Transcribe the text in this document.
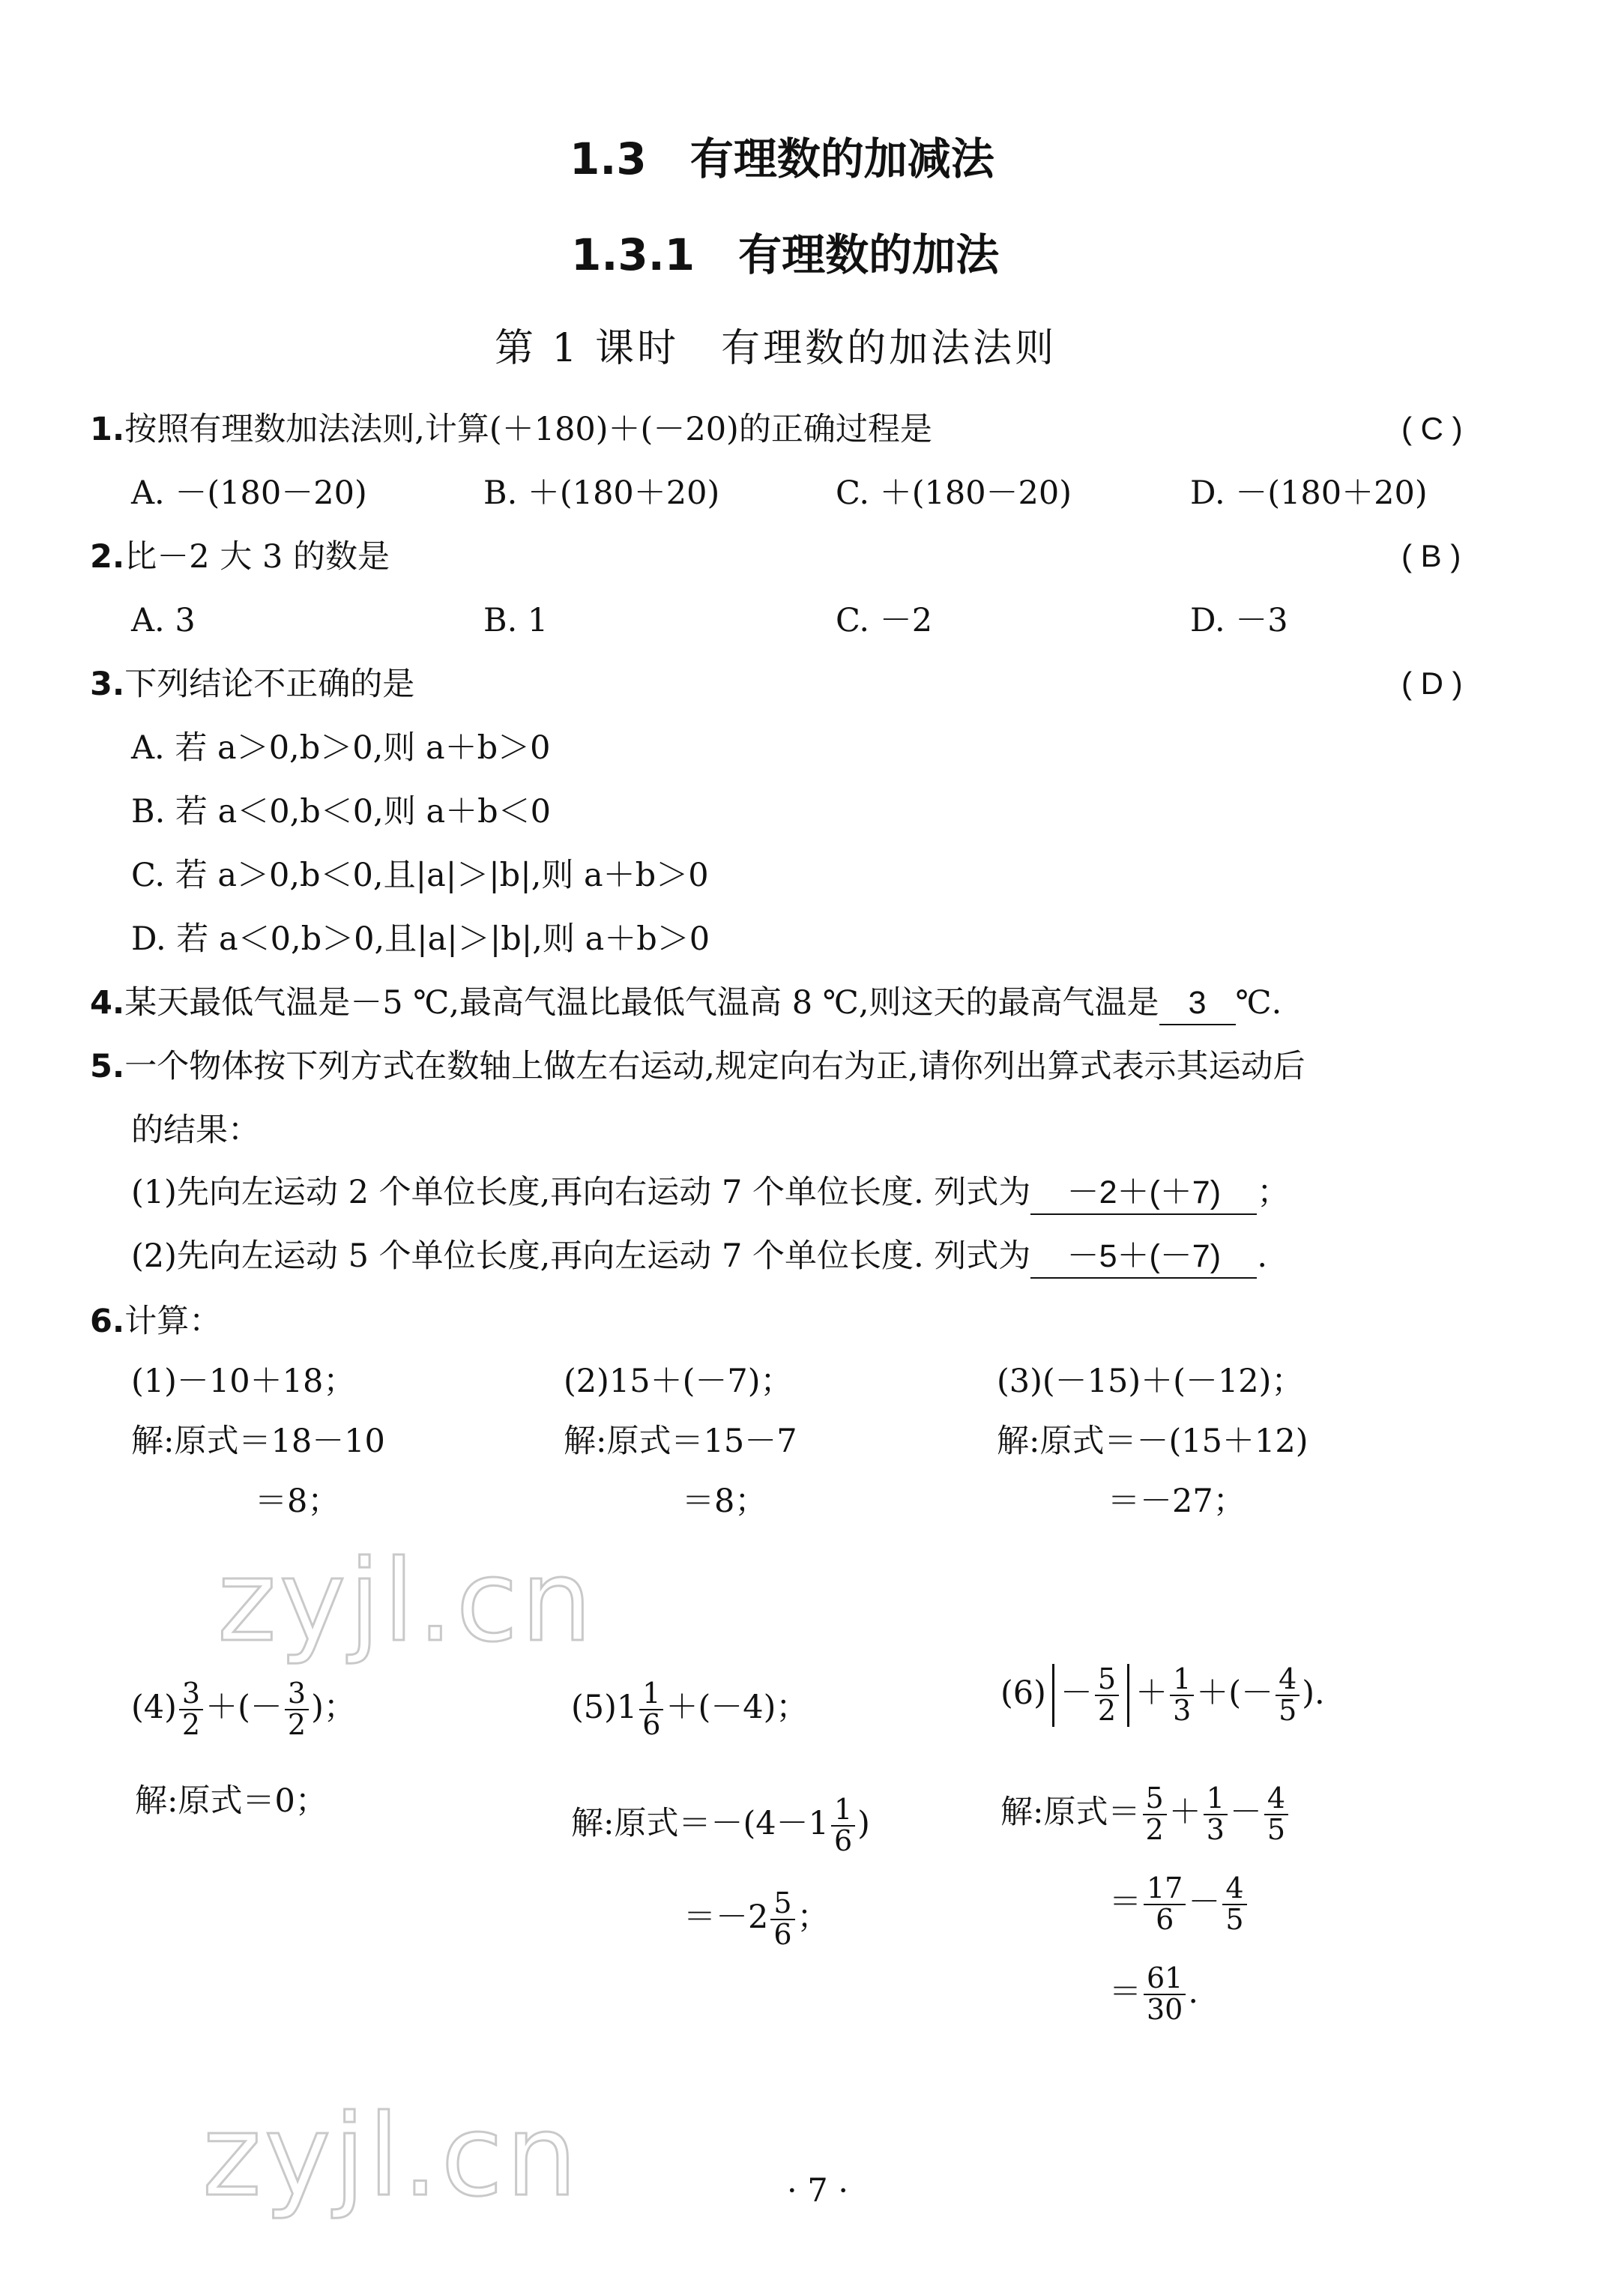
1.3　有理数的加减法
1.3.1　有理数的加法
第 1 课时　有理数的加法法则
1.按照有理数加法法则,计算(＋180)＋(－20)的正确过程是	( C )
A. －(180－20)	B. ＋(180＋20)	C. ＋(180－20)	D. －(180＋20)
2.比－2 大 3 的数是	( B )
A. 3	B. 1	C. －2	D. －3
3.下列结论不正确的是	( D )
A. 若 a＞0,b＞0,则 a＋b＞0
B. 若 a＜0,b＜0,则 a＋b＜0
C. 若 a＞0,b＜0,且|a|＞|b|,则 a＋b＞0
D. 若 a＜0,b＞0,且|a|＞|b|,则 a＋b＞0
4.某天最低气温是－5 ℃,最高气温比最低气温高 8 ℃,则这天的最高气温是 3 ℃.
5.一个物体按下列方式在数轴上做左右运动,规定向右为正,请你列出算式表示其运动后
的结果：
(1)先向左运动 2 个单位长度,再向右运动 7 个单位长度. 列式为 －2＋(＋7) ；
(2)先向左运动 5 个单位长度,再向左运动 7 个单位长度. 列式为 －5＋(－7) .
6.计算：
(1)－10＋18；
解:原式＝18－10
＝8；
(2)15＋(－7)；
解:原式＝15－7
＝8；
(3)(－15)＋(－12)；
解:原式＝－(15＋12)
＝－27；
zyjl.cn
$(4) \frac{3}{2}$ ＋(－ $\frac{3}{2}$ )；
解:原式＝0；
$(5)1 \frac{1}{6} +(-4)$；
解:原式$=-(4-1 \frac{1}{6}$ )
$=-2 \frac{5}{6}$ ；
$(6) - \frac{5}{2} + \frac{1}{3}$ ＋(－ $\frac{4}{5}$ ).
解:原式＝ $\frac{5}{2} + \frac{1}{3} - \frac{4}{5}$
＝ $\frac{17}{6} - \frac{4}{5}$
＝ $\frac{61}{30}$ .
zyjl.cn	· 7 ·
